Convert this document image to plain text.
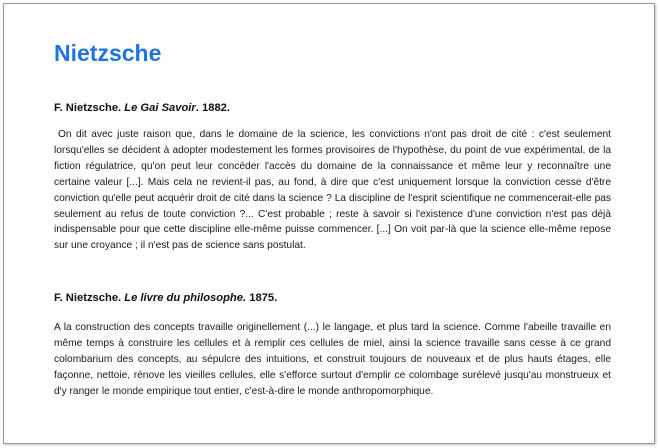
Nietzsche

F. Nietzsche. Le Gai Savoir. 1882.

On dit avec juste raison que, dans le domaine de la science, les convictions n'ont pas droit de cité : c'est seulement lorsqu'elles se décident à adopter modestement les formes provisoires de l'hypothèse, du point de vue expérimental, de la fiction régulatrice, qu'on peut leur concéder l'accès du domaine de la connaissance et même leur y reconnaître une certaine valeur [...]. Mais cela ne revient-il pas, au fond, à dire que c'est uniquement lorsque la conviction cesse d'être conviction qu'elle peut acquérir droit de cité dans la science ? La discipline de l'esprit scientifique ne commencerait-elle pas seulement au refus de toute conviction ?... C'est probable ; reste à savoir si l'existence d'une conviction n'est pas déjà indispensable pour que cette discipline elle-même puisse commencer. [...] On voit par-là que la science elle-même repose sur une croyance ; il n'est pas de science sans postulat.

F. Nietzsche. Le livre du philosophe. 1875.

A la construction des concepts travaille originellement (...) le langage, et plus tard la science. Comme l'abeille travaille en même temps à construire les cellules et à remplir ces cellules de miel, ainsi la science travaille sans cesse à ce grand colombarium des concepts, au sépulcre des intuitions, et construit toujours de nouveaux et de plus hauts étages, elle façonne, nettoie, rénove les vieilles cellules, elle s'efforce surtout d'emplir ce colombage surélevé jusqu'au monstrueux et d'y ranger le monde empirique tout entier, c'est-à-dire le monde anthropomorphique.
